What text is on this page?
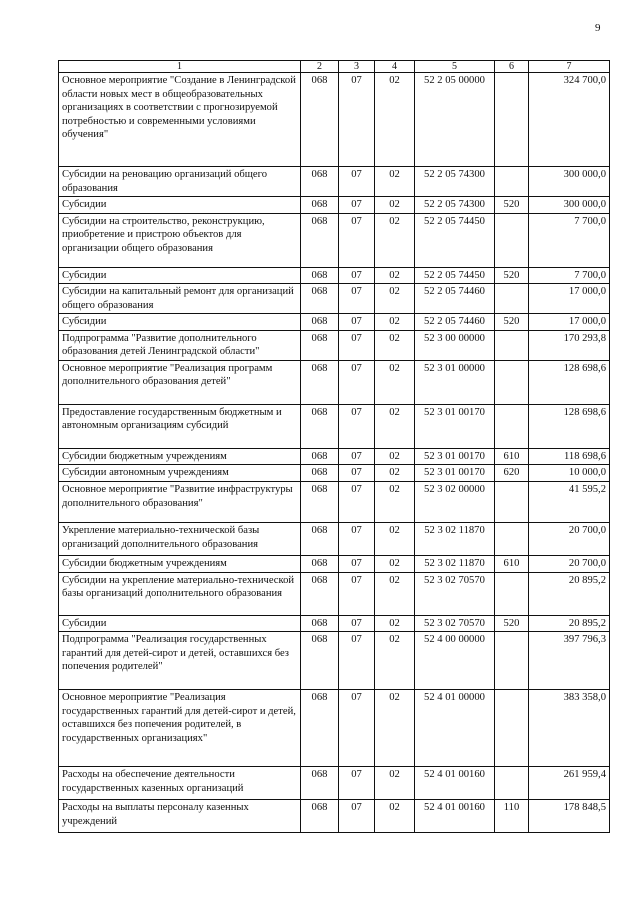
9
1	2	3	4	5	6	7
Основное мероприятие "Создание в Ленинградской области новых мест в общеобразовательных организациях в соответствии с прогнозируемой потребностью и современными условиями обучения"	068	07	02	52 2 05 00000		324 700,0
Субсидии на реновацию организаций общего образования	068	07	02	52 2 05 74300		300 000,0
Субсидии	068	07	02	52 2 05 74300	520	300 000,0
Субсидии на строительство, реконструкцию, приобретение и пристрою объектов для организации общего образования	068	07	02	52 2 05 74450		7 700,0
Субсидии	068	07	02	52 2 05 74450	520	7 700,0
Субсидии на капитальный ремонт для организаций общего образования	068	07	02	52 2 05 74460		17 000,0
Субсидии	068	07	02	52 2 05 74460	520	17 000,0
Подпрограмма "Развитие дополнительного образования детей Ленинградской области"	068	07	02	52 3 00 00000		170 293,8
Основное мероприятие "Реализация программ дополнительного образования детей"	068	07	02	52 3 01 00000		128 698,6
Предоставление государственным бюджетным и автономным организациям субсидий	068	07	02	52 3 01 00170		128 698,6
Субсидии бюджетным учреждениям	068	07	02	52 3 01 00170	610	118 698,6
Субсидии автономным учреждениям	068	07	02	52 3 01 00170	620	10 000,0
Основное мероприятие "Развитие инфраструктуры дополнительного образования"	068	07	02	52 3 02 00000		41 595,2
Укрепление материально-технической базы организаций дополнительного образования	068	07	02	52 3 02 11870		20 700,0
Субсидии бюджетным учреждениям	068	07	02	52 3 02 11870	610	20 700,0
Субсидии на укрепление материально-технической базы организаций дополнительного образования	068	07	02	52 3 02 70570		20 895,2
Субсидии	068	07	02	52 3 02 70570	520	20 895,2
Подпрограмма "Реализация государственных гарантий для детей-сирот и детей, оставшихся без попечения родителей"	068	07	02	52 4 00 00000		397 796,3
Основное мероприятие "Реализация государственных гарантий для детей-сирот и детей, оставшихся без попечения родителей, в государственных организациях"	068	07	02	52 4 01 00000		383 358,0
Расходы на обеспечение деятельности государственных казенных организаций	068	07	02	52 4 01 00160		261 959,4
Расходы на выплаты персоналу казенных учреждений	068	07	02	52 4 01 00160	110	178 848,5
